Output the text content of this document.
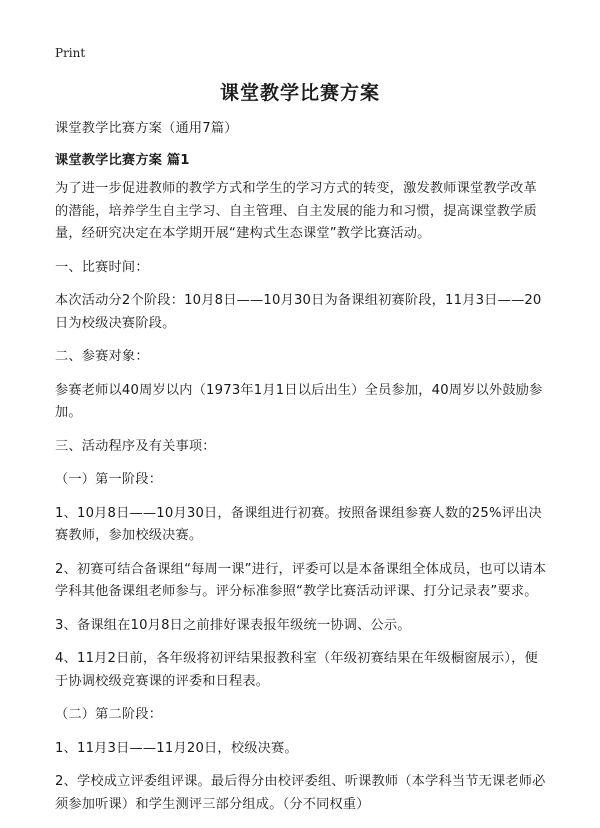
Print
课堂教学比赛方案

课堂教学比赛方案（通用7篇）

课堂教学比赛方案 篇1

为了进一步促进教师的教学方式和学生的学习方式的转变，激发教师课堂教学改革的潜能，培养学生自主学习、自主管理、自主发展的能力和习惯，提高课堂教学质量，经研究决定在本学期开展“建构式生态课堂”教学比赛活动。

一、比赛时间：

本次活动分2个阶段：10月8日——10月30日为备课组初赛阶段，11月3日——20日为校级决赛阶段。

二、参赛对象：

参赛老师以40周岁以内（1973年1月1日以后出生）全员参加，40周岁以外鼓励参加。

三、活动程序及有关事项：

（一）第一阶段：

1、10月8日——10月30日，备课组进行初赛。按照备课组参赛人数的25%评出决赛教师，参加校级决赛。

2、初赛可结合备课组“每周一课”进行，评委可以是本备课组全体成员，也可以请本学科其他备课组老师参与。评分标准参照“教学比赛活动评课、打分记录表”要求。

3、备课组在10月8日之前排好课表报年级统一协调、公示。

4、11月2日前，各年级将初评结果报教科室（年级初赛结果在年级橱窗展示），便于协调校级竞赛课的评委和日程表。

（二）第二阶段：

1、11月3日——11月20日，校级决赛。

2、学校成立评委组评课。最后得分由校评委组、听课教师（本学科当节无课老师必须参加听课）和学生测评三部分组成。（分不同权重）
